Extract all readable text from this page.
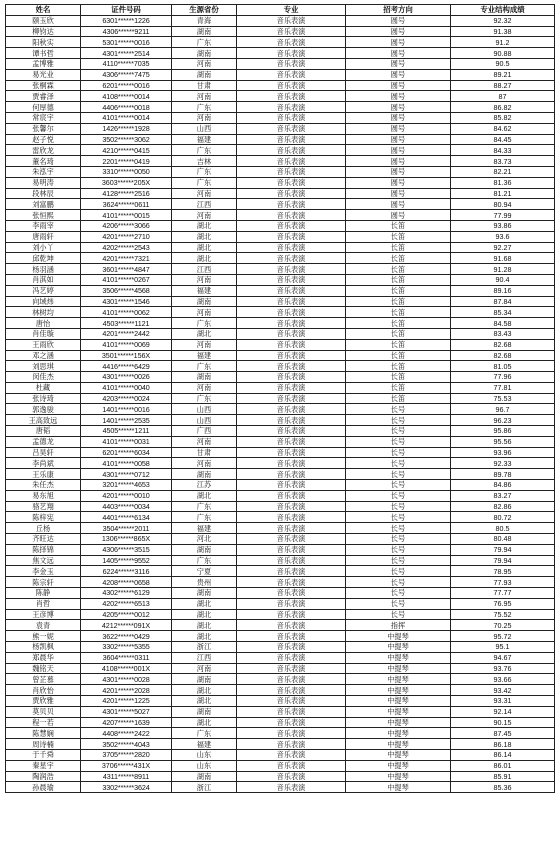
姓名	证件号码	生源省份	专业	招考方向	专业结构成绩
颐玉欣	6301******1226	青海	音乐表演	圆号	92.32
柳钧达	4306******9211	湖南	音乐表演	圆号	91.38
阳秋实	5301******0016	广东	音乐表演	圆号	91.2
谭书哲	4301******2514	湖南	音乐表演	圆号	90.88
孟博雅	4110******7035	河南	音乐表演	圆号	90.5
易光业	4306******7475	湖南	音乐表演	圆号	89.21
张桐霖	6201******0016	甘肃	音乐表演	圆号	88.27
贾睿泽	4108******0014	河南	音乐表演	圆号	87
何厚德	4406******0018	广东	音乐表演	圆号	86.82
常宸宇	4101******0014	河南	音乐表演	圆号	85.82
张馨尔	1426******1928	山西	音乐表演	圆号	84.62
赵子悦	3502******3062	福建	音乐表演	圆号	84.45
雷欣龙	4210******0415	广东	音乐表演	圆号	84.33
董名琦	2201******0419	吉林	音乐表演	圆号	83.73
朱泓宇	3310******0050	广东	音乐表演	圆号	82.21
易明涛	3603******205X	广东	音乐表演	圆号	81.36
段林辰	4128******2516	河南	音乐表演	圆号	81.21
刘富鹏	3624******0611	江西	音乐表演	圆号	80.94
张恒熙	4101******0015	河南	音乐表演	圆号	77.99
李雨宰	4206******3066	湖北	音乐表演	长笛	93.86
唐雨轩	4201******2710	湖北	音乐表演	长笛	93.6
刘小丫	4202******2543	湖北	音乐表演	长笛	92.27
邱乾坤	4201******7321	湖北	音乐表演	长笛	91.68
杨羽涵	3601******4847	江西	音乐表演	长笛	91.28
肖淇如	4101******0267	河南	音乐表演	长笛	90.4
冯艺婷	3506******4568	福建	音乐表演	长笛	89.16
向域炜	4301******1546	湖南	音乐表演	长笛	87.84
林树均	4101******0062	河南	音乐表演	长笛	85.34
唐怡	4503******1121	广东	音乐表演	长笛	84.58
肖佳璇	4201******2442	湖北	音乐表演	长笛	83.43
王雨欣	4101******0069	河南	音乐表演	长笛	82.68
邓之涵	3501******156X	福建	音乐表演	长笛	82.68
刘思琪	4416******6429	广东	音乐表演	长笛	81.05
闵佳杰	4301******0026	湖南	音乐表演	长笛	77.96
杜藏	4101******0040	河南	音乐表演	长笛	77.81
张诗琦	4203******0024	广东	音乐表演	长笛	75.53
郭逸骏	1401******0016	山西	音乐表演	长号	96.7
王高致远	1401******2535	山西	音乐表演	长号	96.23
唐韬	4505******1211	广西	音乐表演	长号	95.86
孟德龙	4101******0031	河南	音乐表演	长号	95.56
吕昊轩	6201******6034	甘肃	音乐表演	长号	93.96
李尚斌	4101******0058	河南	音乐表演	长号	92.33
王乐康	4301******0712	湖南	音乐表演	长号	89.78
朱任杰	3201******4653	江苏	音乐表演	长号	84.86
易东旭	4201******0010	湖北	音乐表演	长号	83.27
骆艺翔	4403******0034	广东	音乐表演	长号	82.86
陈梓宪	4401******6134	广东	音乐表演	长号	80.72
丘杨	3504******2011	福建	音乐表演	长号	80.5
齐旺达	1306******865X	河北	音乐表演	长号	80.48
陈择锦	4306******3515	湖南	音乐表演	长号	79.94
焦文远	1405******9552	广东	音乐表演	长号	79.94
李金玉	6224******3116	宁夏	音乐表演	长号	78.95
陈宗轩	4208******0658	贵州	音乐表演	长号	77.93
陈静	4302******6129	湖南	音乐表演	长号	77.77
肖哲	4202******6513	湖北	音乐表演	长号	76.95
王彦博	4205******0012	湖北	音乐表演	长号	75.52
袁青	4212******091X	湖北	音乐表演	指挥	70.25
熊一妮	3622******0429	湖北	音乐表演	中提琴	95.72
杨凯枫	3302******5355	浙江	音乐表演	中提琴	95.1
郑晨华	3604******0311	江西	音乐表演	中提琴	94.67
魏铭天	4108******001X	河南	音乐表演	中提琴	93.76
曾芷慕	4301******0028	湖南	音乐表演	中提琴	93.66
肖欣怡	4201******2028	湖北	音乐表演	中提琴	93.42
贾欣雅	4201******1225	湖北	音乐表演	中提琴	93.31
莫贝贝	4301******5027	湖南	音乐表演	中提琴	92.14
程一若	4207******1639	湖北	音乐表演	中提琴	90.15
陈慧娴	4408******2422	广东	音乐表演	中提琴	87.45
周诗楠	3502******4043	福建	音乐表演	中提琴	86.18
于千舜	3705******2820	山东	音乐表演	中提琴	86.14
秦星宇	3706******431X	山东	音乐表演	中提琴	86.01
陶润浩	4311******8911	湖南	音乐表演	中提琴	85.91
孙晨瑜	3302******3624	浙江	音乐表演	中提琴	85.36
